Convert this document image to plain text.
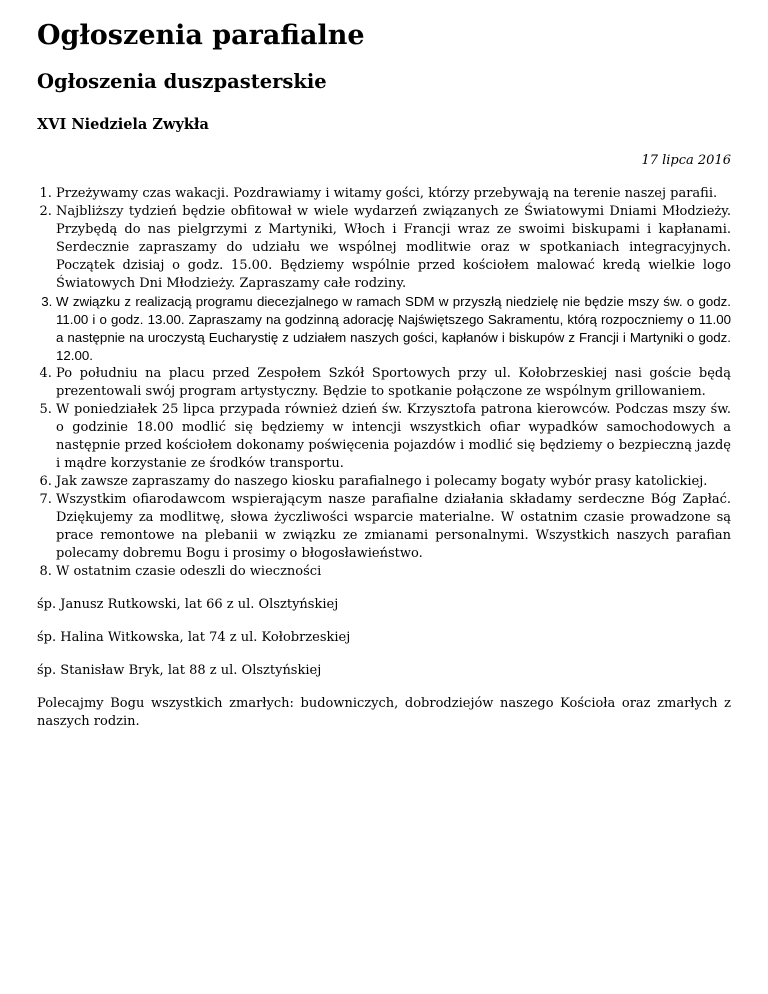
Ogłoszenia parafialne
Ogłoszenia duszpasterskie
XVI Niedziela Zwykła
17 lipca 2016
1. Przeżywamy czas wakacji. Pozdrawiamy i witamy gości, którzy przebywają na terenie naszej parafii.
2. Najbliższy tydzień będzie obfitował w wiele wydarzeń związanych ze Światowymi Dniami Młodzieży. Przybędą do nas pielgrzymi z Martyniki, Włoch i Francji wraz ze swoimi biskupami i kapłanami. Serdecznie zapraszamy do udziału we wspólnej modlitwie oraz w spotkaniach integracyjnych. Początek dzisiaj o godz. 15.00. Będziemy wspólnie przed kościołem malować kredą wielkie logo Światowych Dni Młodzieży. Zapraszamy całe rodziny.
3. W związku z realizacją programu diecezjalnego w ramach SDM w przyszłą niedzielę nie będzie mszy św. o godz. 11.00 i o godz. 13.00. Zapraszamy na godzinną adorację Najświętszego Sakramentu, którą rozpoczniemy o 11.00 a następnie na uroczystą Eucharystię z udziałem naszych gości, kapłanów i biskupów z Francji i Martyniki o godz. 12.00.
4. Po południu na placu przed Zespołem Szkół Sportowych przy ul. Kołobrzeskiej nasi goście będą prezentowali swój program artystyczny. Będzie to spotkanie połączone ze wspólnym grillowaniem.
5. W poniedziałek 25 lipca przypada również dzień św. Krzysztofa patrona kierowców. Podczas mszy św. o godzinie 18.00 modlić się będziemy w intencji wszystkich ofiar wypadków samochodowych a następnie przed kościołem dokonamy poświęcenia pojazdów i modlić się będziemy o bezpieczną jazdę i mądre korzystanie ze środków transportu.
6. Jak zawsze zapraszamy do naszego kiosku parafialnego i polecamy bogaty wybór prasy katolickiej.
7. Wszystkim ofiarodawcom wspierającym nasze parafialne działania składamy serdeczne Bóg Zapłać. Dziękujemy za modlitwę, słowa życzliwości wsparcie materialne. W ostatnim czasie prowadzone są prace remontowe na plebanii w związku ze zmianami personalnymi. Wszystkich naszych parafian polecamy dobremu Bogu i prosimy o błogosławieństwo.
8. W ostatnim czasie odeszli do wieczności

śp. Janusz Rutkowski, lat 66 z ul. Olsztyńskiej

śp. Halina Witkowska, lat 74 z ul. Kołobrzeskiej

śp. Stanisław Bryk, lat 88 z ul. Olsztyńskiej

Polecajmy Bogu wszystkich zmarłych: budowniczych, dobrodziejów naszego Kościoła oraz zmarłych z naszych rodzin.
